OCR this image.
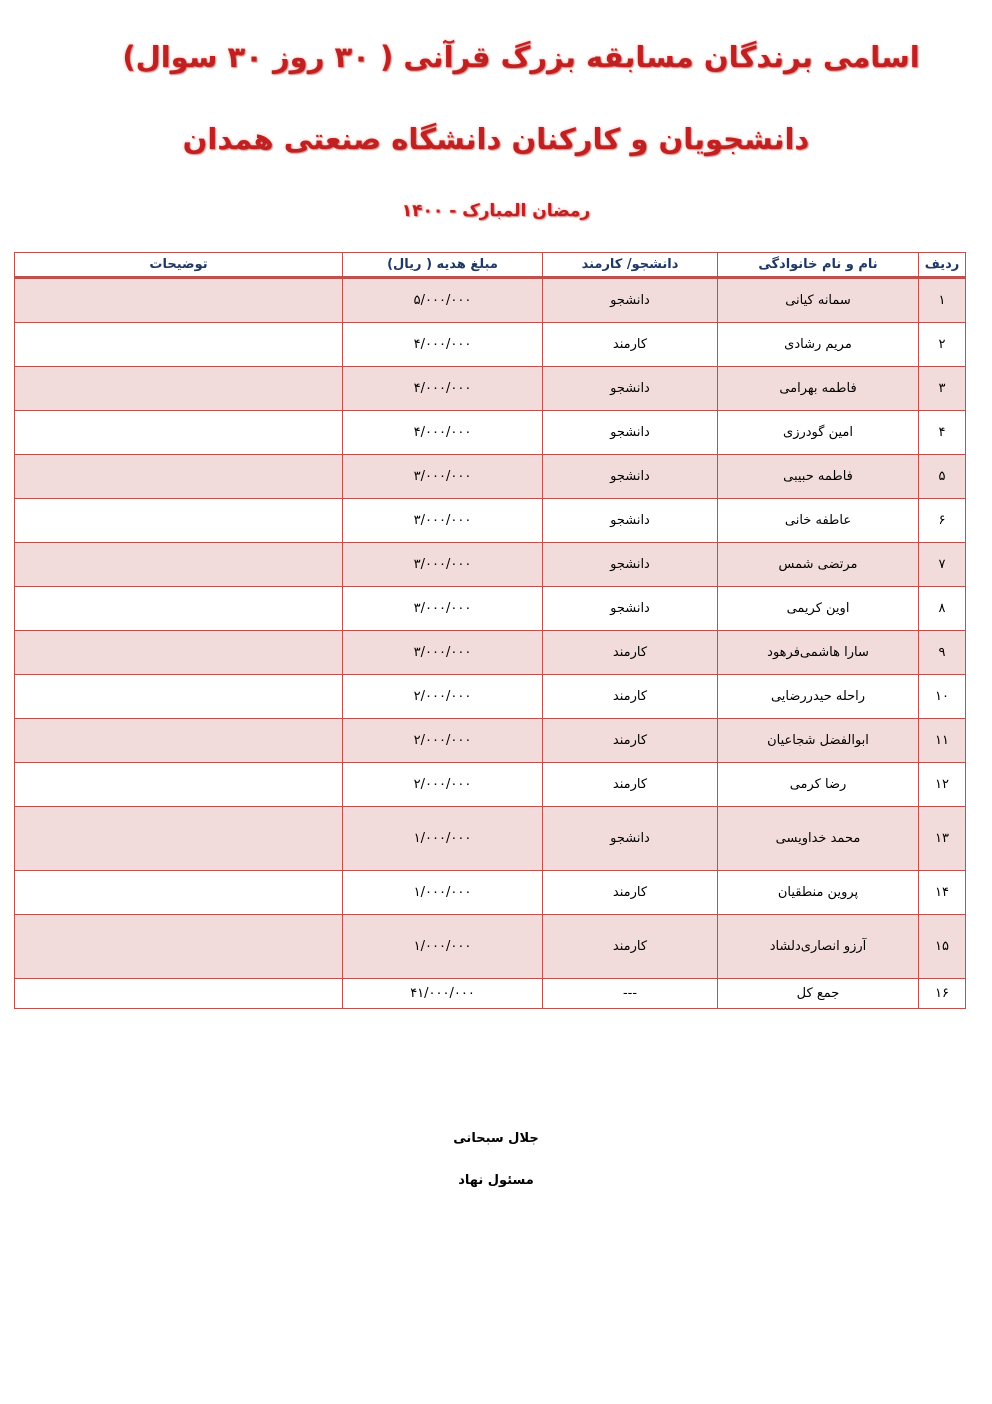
اسامی برندگان مسابقه بزرگ قرآنی ( ۳۰ روز ۳۰ سوال)
دانشجویان و کارکنان دانشگاه صنعتی همدان
رمضان المبارک - ۱۴۰۰
ردیف	نام و نام خانوادگی	دانشجو/ کارمند	مبلغ هدیه ( ریال)	توضیحات
۱	سمانه کیانی	دانشجو	۵/۰۰۰/۰۰۰	
۲	مریم رشادی	کارمند	۴/۰۰۰/۰۰۰	
۳	فاطمه بهرامی	دانشجو	۴/۰۰۰/۰۰۰	
۴	امین گودرزی	دانشجو	۴/۰۰۰/۰۰۰	
۵	فاطمه حبیبی	دانشجو	۳/۰۰۰/۰۰۰	
۶	عاطفه خانی	دانشجو	۳/۰۰۰/۰۰۰	
۷	مرتضی شمس	دانشجو	۳/۰۰۰/۰۰۰	
۸	اوین کریمی	دانشجو	۳/۰۰۰/۰۰۰	
۹	سارا هاشمی‌فرهود	کارمند	۳/۰۰۰/۰۰۰	
۱۰	راحله حیدررضایی	کارمند	۲/۰۰۰/۰۰۰	
۱۱	ابوالفضل شجاعیان	کارمند	۲/۰۰۰/۰۰۰	
۱۲	رضا کرمی	کارمند	۲/۰۰۰/۰۰۰	
۱۳	محمد خداویسی	دانشجو	۱/۰۰۰/۰۰۰	
۱۴	پروین منطقیان	کارمند	۱/۰۰۰/۰۰۰	
۱۵	آرزو انصاری‌دلشاد	کارمند	۱/۰۰۰/۰۰۰	
۱۶	جمع کل	---	۴۱/۰۰۰/۰۰۰	
جلال سبحانی
مسئول نهاد
